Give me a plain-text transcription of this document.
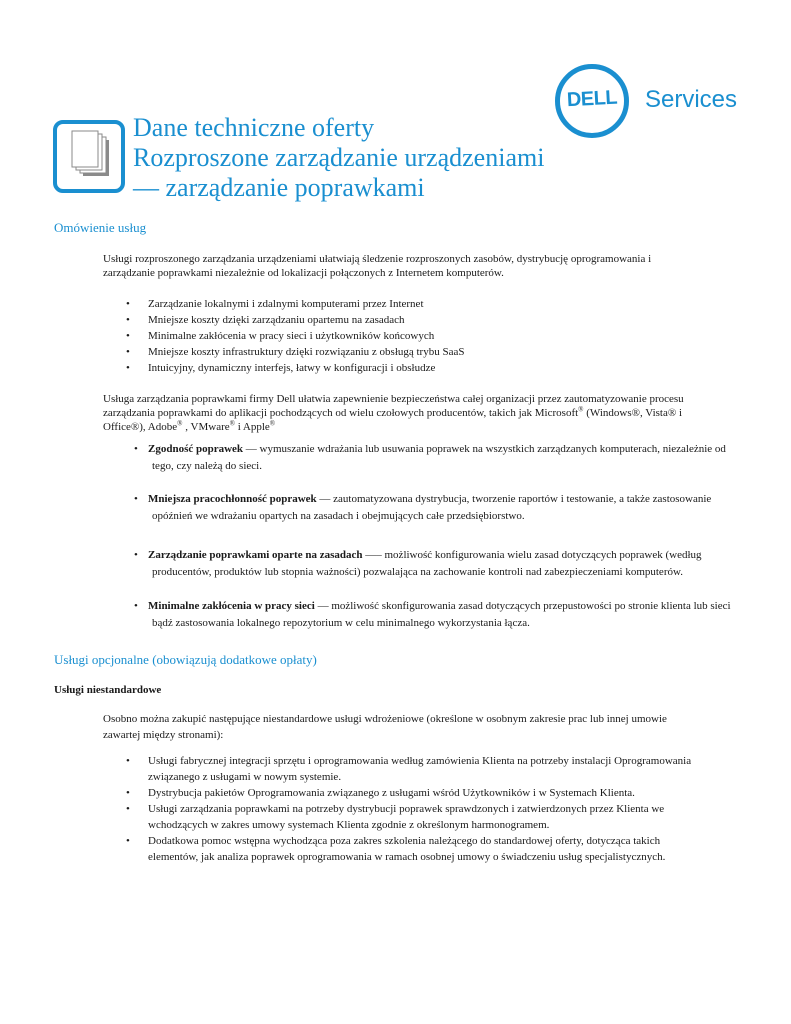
DELL Services
Dane techniczne oferty
Rozproszone zarządzanie urządzeniami
— zarządzanie poprawkami
Omówienie usług
Usługi rozproszonego zarządzania urządzeniami ułatwiają śledzenie rozproszonych zasobów, dystrybucję oprogramowania i
zarządzanie poprawkami niezależnie od lokalizacji połączonych z Internetem komputerów.
• Zarządzanie lokalnymi i zdalnymi komputerami przez Internet
• Mniejsze koszty dzięki zarządzaniu opartemu na zasadach
• Minimalne zakłócenia w pracy sieci i użytkowników końcowych
• Mniejsze koszty infrastruktury dzięki rozwiązaniu z obsługą trybu SaaS
• Intuicyjny, dynamiczny interfejs, łatwy w konfiguracji i obsłudze
Usługa zarządzania poprawkami firmy Dell ułatwia zapewnienie bezpieczeństwa całej organizacji przez zautomatyzowanie procesu
zarządzania poprawkami do aplikacji pochodzących od wielu czołowych producentów, takich jak Microsoft® (Windows®, Vista® i
Office®), Adobe® , VMware® i Apple®
• Zgodność poprawek — wymuszanie wdrażania lub usuwania poprawek na wszystkich zarządzanych komputerach, niezależnie od
tego, czy należą do sieci.
• Mniejsza pracochłonność poprawek — zautomatyzowana dystrybucja, tworzenie raportów i testowanie, a także zastosowanie
opóźnień we wdrażaniu opartych na zasadach i obejmujących całe przedsiębiorstwo.
• Zarządzanie poprawkami oparte na zasadach —– możliwość konfigurowania wielu zasad dotyczących poprawek (według
producentów, produktów lub stopnia ważności) pozwalająca na zachowanie kontroli nad zabezpieczeniami komputerów.
• Minimalne zakłócenia w pracy sieci — możliwość skonfigurowania zasad dotyczących przepustowości po stronie klienta lub sieci
bądź zastosowania lokalnego repozytorium w celu minimalnego wykorzystania łącza.
Usługi opcjonalne (obowiązują dodatkowe opłaty)
Usługi niestandardowe
Osobno można zakupić następujące niestandardowe usługi wdrożeniowe (określone w osobnym zakresie prac lub innej umowie
zawartej między stronami):
• Usługi fabrycznej integracji sprzętu i oprogramowania według zamówienia Klienta na potrzeby instalacji Oprogramowania
związanego z usługami w nowym systemie.
• Dystrybucja pakietów Oprogramowania związanego z usługami wśród Użytkowników i w Systemach Klienta.
• Usługi zarządzania poprawkami na potrzeby dystrybucji poprawek sprawdzonych i zatwierdzonych przez Klienta we
wchodzących w zakres umowy systemach Klienta zgodnie z określonym harmonogramem.
• Dodatkowa pomoc wstępna wychodząca poza zakres szkolenia należącego do standardowej oferty, dotycząca takich
elementów, jak analiza poprawek oprogramowania w ramach osobnej umowy o świadczeniu usług specjalistycznych.
